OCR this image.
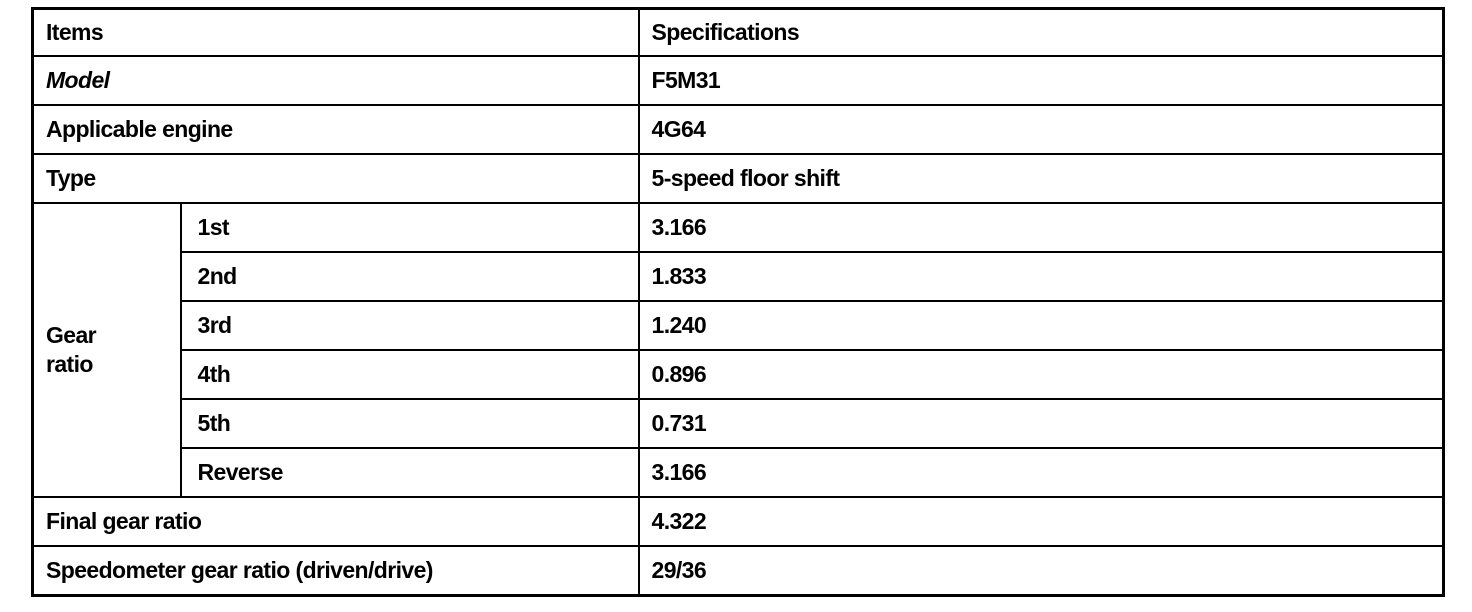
Items		Specifications
Model		F5M31
Applicable engine		4G64
Type		5-speed floor shift

Gear
ratio	1st	3.166
	2nd	1.833
	3rd	1.240
	4th	0.896
	5th	0.731
	Reverse	3.166
Final gear ratio		4.322
Speedometer gear ratio (driven/drive)		29/36
